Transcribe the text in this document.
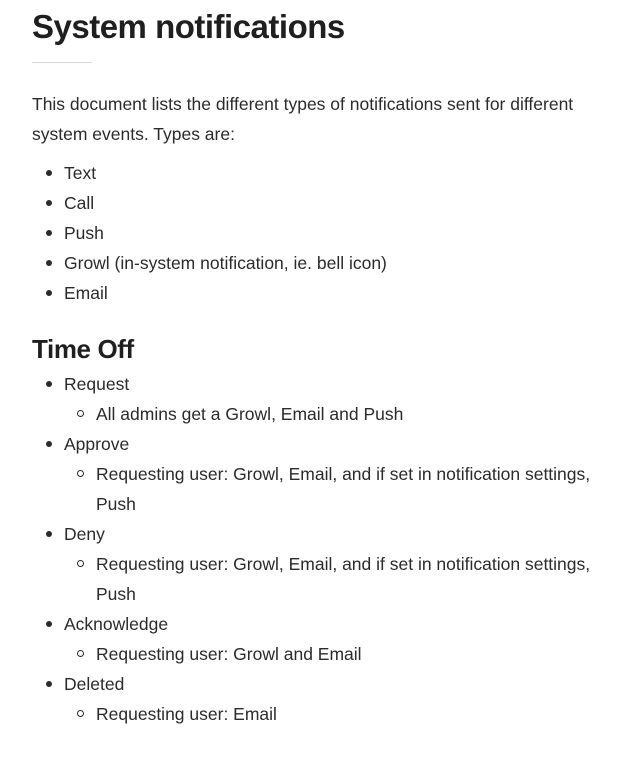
System notifications

This document lists the different types of notifications sent for different system events. Types are:

Text
Call
Push
Growl (in-system notification, ie. bell icon)
Email
Time Off
Request
All admins get a Growl, Email and Push
Approve
Requesting user: Growl, Email, and if set in notification settings, Push
Deny
Requesting user: Growl, Email, and if set in notification settings, Push
Acknowledge
Requesting user: Growl and Email
Deleted
Requesting user: Email
